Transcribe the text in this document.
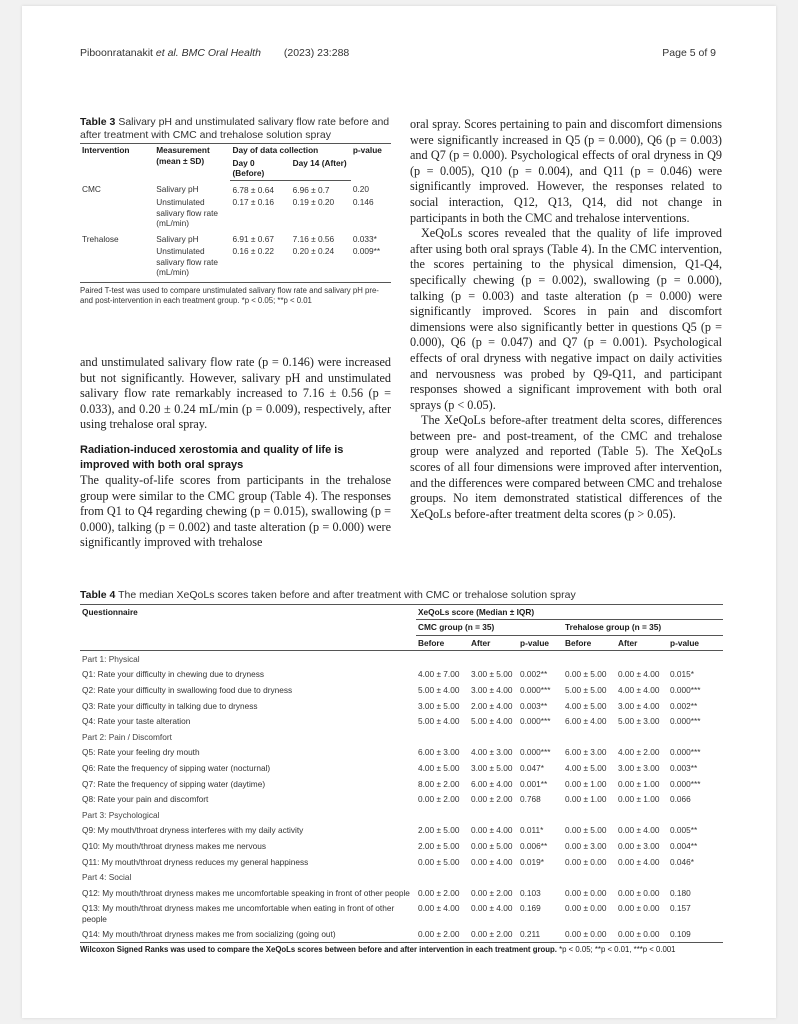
Piboonratanakit et al. BMC Oral Health (2023) 23:288	Page 5 of 9
Table 3 Salivary pH and unstimulated salivary flow rate before and after treatment with CMC and trehalose solution spray
Intervention	Measurement (mean ± SD)	Day of data collection		p-value
		Day 0 (Before)	Day 14 (After)	
CMC	Salivary pH	6.78 ± 0.64	6.96 ± 0.7	0.20
	Unstimulated salivary flow rate (mL/min)	0.17 ± 0.16	0.19 ± 0.20	0.146
Trehalose	Salivary pH	6.91 ± 0.67	7.16 ± 0.56	0.033*
	Unstimulated salivary flow rate (mL/min)	0.16 ± 0.22	0.20 ± 0.24	0.009**
Paired T-test was used to compare unstimulated salivary flow rate and salivary pH pre- and post-intervention in each treatment group. *p < 0.05; **p < 0.01

and unstimulated salivary flow rate (p = 0.146) were increased but not significantly. However, salivary pH and unstimulated salivary flow rate remarkably increased to 7.16 ± 0.56 (p = 0.033), and 0.20 ± 0.24 mL/min (p = 0.009), respectively, after using trehalose oral spray.

Radiation-induced xerostomia and quality of life is improved with both oral sprays

The quality-of-life scores from participants in the trehalose group were similar to the CMC group (Table 4). The responses from Q1 to Q4 regarding chewing (p = 0.015), swallowing (p = 0.000), talking (p = 0.002) and taste alteration (p = 0.000) were significantly improved with trehalose

oral spray. Scores pertaining to pain and discomfort dimensions were significantly increased in Q5 (p = 0.000), Q6 (p = 0.003) and Q7 (p = 0.000). Psychological effects of oral dryness in Q9 (p = 0.005), Q10 (p = 0.004), and Q11 (p = 0.046) were significantly improved. However, the responses related to social interaction, Q12, Q13, Q14, did not change in participants in both the CMC and trehalose interventions.

XeQoLs scores revealed that the quality of life improved after using both oral sprays (Table 4). In the CMC intervention, the scores pertaining to the physical dimension, Q1-Q4, specifically chewing (p = 0.002), swallowing (p = 0.000), talking (p = 0.003) and taste alteration (p = 0.000) were significantly improved. Scores in pain and discomfort dimensions were also significantly better in questions Q5 (p = 0.000), Q6 (p = 0.047) and Q7 (p = 0.001). Psychological effects of oral dryness with negative impact on daily activities and nervousness was probed by Q9-Q11, and participant responses showed a significant improvement with both oral sprays (p < 0.05).

The XeQoLs before-after treatment delta scores, differences between pre- and post-treament, of the CMC and trehalose group were analyzed and reported (Table 5). The XeQoLs scores of all four dimensions were improved after intervention, and the differences were compared between CMC and trehalose groups. No item demonstrated statistical differences of the XeQoLs before-after treatment delta scores (p > 0.05).

Table 4 The median XeQoLs scores taken before and after treatment with CMC or trehalose solution spray
Questionnaire	XeQoLs score (Median ± IQR)					
	CMC group (n = 35)			Trehalose group (n = 35)		
	Before	After	p-value	Before	After	p-value
Part 1: Physical						
Q1: Rate your difficulty in chewing due to dryness	4.00 ± 7.00	3.00 ± 5.00	0.002**	0.00 ± 5.00	0.00 ± 4.00	0.015*
Q2: Rate your difficulty in swallowing food due to dryness	5.00 ± 4.00	3.00 ± 4.00	0.000***	5.00 ± 5.00	4.00 ± 4.00	0.000***
Q3: Rate your difficulty in talking due to dryness	3.00 ± 5.00	2.00 ± 4.00	0.003**	4.00 ± 5.00	3.00 ± 4.00	0.002**
Q4: Rate your taste alteration	5.00 ± 4.00	5.00 ± 4.00	0.000***	6.00 ± 4.00	5.00 ± 3.00	0.000***
Part 2: Pain / Discomfort						
Q5: Rate your feeling dry mouth	6.00 ± 3.00	4.00 ± 3.00	0.000***	6.00 ± 3.00	4.00 ± 2.00	0.000***
Q6: Rate the frequency of sipping water (nocturnal)	4.00 ± 5.00	3.00 ± 5.00	0.047*	4.00 ± 5.00	3.00 ± 3.00	0.003**
Q7: Rate the frequency of sipping water (daytime)	8.00 ± 2.00	6.00 ± 4.00	0.001**	0.00 ± 1.00	0.00 ± 1.00	0.000***
Q8: Rate your pain and discomfort	0.00 ± 2.00	0.00 ± 2.00	0.768	0.00 ± 1.00	0.00 ± 1.00	0.066
Part 3: Psychological						
Q9: My mouth/throat dryness interferes with my daily activity	2.00 ± 5.00	0.00 ± 4.00	0.011*	0.00 ± 5.00	0.00 ± 4.00	0.005**
Q10: My mouth/throat dryness makes me nervous	2.00 ± 5.00	0.00 ± 5.00	0.006**	0.00 ± 3.00	0.00 ± 3.00	0.004**
Q11: My mouth/throat dryness reduces my general happiness	0.00 ± 5.00	0.00 ± 4.00	0.019*	0.00 ± 0.00	0.00 ± 4.00	0.046*
Part 4: Social						
Q12: My mouth/throat dryness makes me uncomfortable speaking in front of other people	0.00 ± 2.00	0.00 ± 2.00	0.103	0.00 ± 0.00	0.00 ± 0.00	0.180
Q13: My mouth/throat dryness makes me uncomfortable when eating in front of other people	0.00 ± 4.00	0.00 ± 4.00	0.169	0.00 ± 0.00	0.00 ± 0.00	0.157
Q14: My mouth/throat dryness makes me from socializing (going out)	0.00 ± 2.00	0.00 ± 2.00	0.211	0.00 ± 0.00	0.00 ± 0.00	0.109
Wilcoxon Signed Ranks was used to compare the XeQoLs scores between before and after intervention in each treatment group. *p < 0.05; **p < 0.01, ***p < 0.001
